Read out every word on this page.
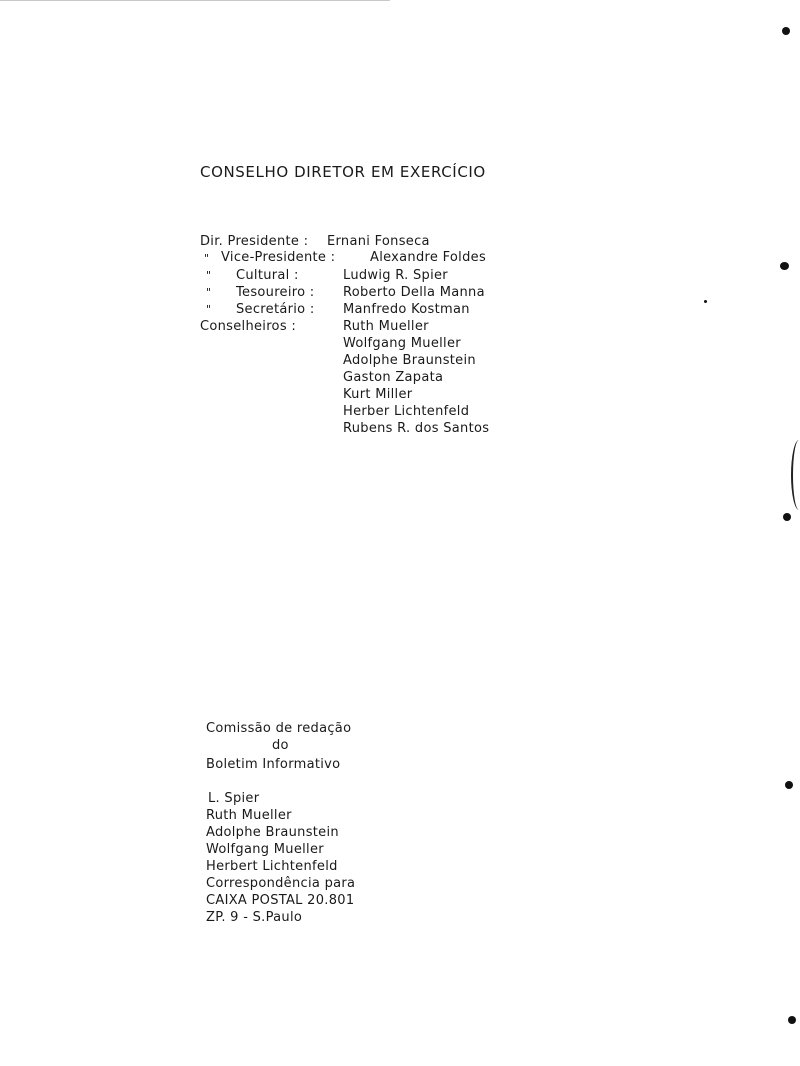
CONSELHO DIRETOR EM EXERCÍCIO
Dir. Presidente : Ernani Fonseca
" Vice-Presidente :	Alexandre Foldes
" Cultural :	Ludwig R. Spier
" Tesoureiro : Roberto Della Manna
" Secretário : Manfredo Kostman
Conselheiros :	Ruth Mueller
Wolfgang Mueller
Adolphe Braunstein
Gaston Zapata
Kurt Miller
Herber Lichtenfeld
Rubens R. dos Santos
Comissão de redação
do
Boletim Informativo
L. Spier
Ruth Mueller
Adolphe Braunstein
Wolfgang Mueller
Herbert Lichtenfeld
Correspondência para
CAIXA POSTAL 20.801
ZP. 9 - S.Paulo
